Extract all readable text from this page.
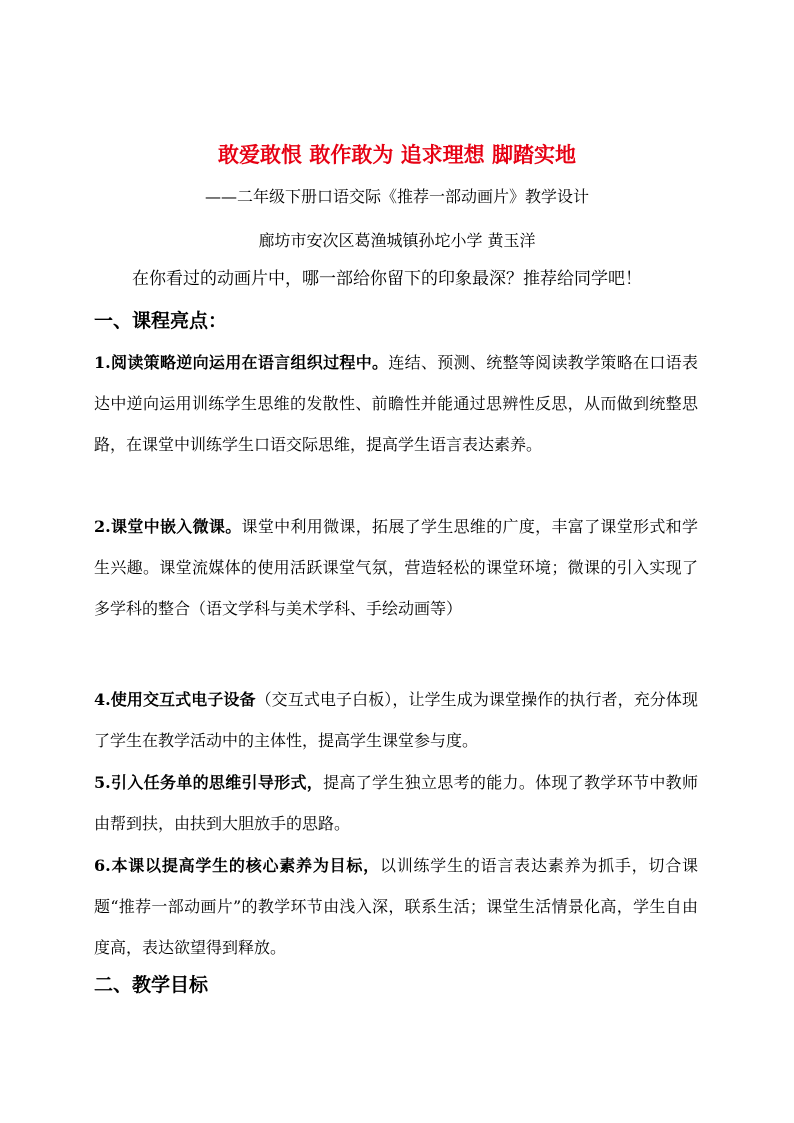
敢爱敢恨 敢作敢为 追求理想 脚踏实地
——二年级下册口语交际《推荐一部动画片》教学设计
廊坊市安次区葛渔城镇孙坨小学 黄玉洋
在你看过的动画片中，哪一部给你留下的印象最深？推荐给同学吧！
一、课程亮点：
1.阅读策略逆向运用在语言组织过程中。连结、预测、统整等阅读教学策略在口语表达中逆向运用训练学生思维的发散性、前瞻性并能通过思辨性反思，从而做到统整思路，在课堂中训练学生口语交际思维，提高学生语言表达素养。
2.课堂中嵌入微课。课堂中利用微课，拓展了学生思维的广度，丰富了课堂形式和学生兴趣。课堂流媒体的使用活跃课堂气氛，营造轻松的课堂环境；微课的引入实现了多学科的整合（语文学科与美术学科、手绘动画等）
4.使用交互式电子设备（交互式电子白板），让学生成为课堂操作的执行者，充分体现了学生在教学活动中的主体性，提高学生课堂参与度。
5.引入任务单的思维引导形式，提高了学生独立思考的能力。体现了教学环节中教师由帮到扶，由扶到大胆放手的思路。
6.本课以提高学生的核心素养为目标，以训练学生的语言表达素养为抓手，切合课题“推荐一部动画片”的教学环节由浅入深，联系生活；课堂生活情景化高，学生自由度高，表达欲望得到释放。
二、教学目标
